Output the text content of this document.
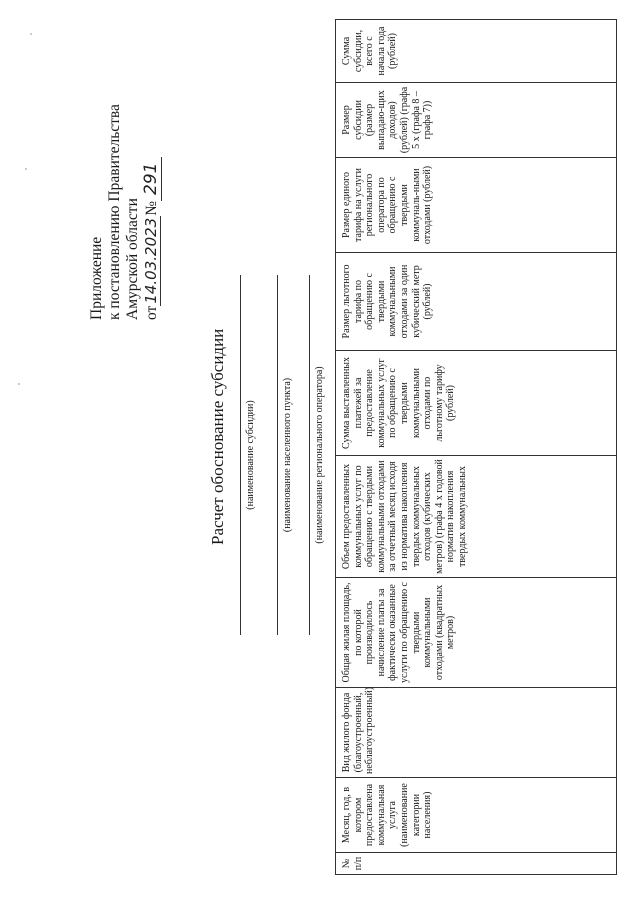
Приложение к постановлению Правительства Амурской области от14.03.2023№291
Расчет обоснование субсидии (наименование субсидии)	(наименование населенного пункта) (наименование регионального оператора)
№ п/п	Месяц, год, в котором предоставлена коммунальная услуга (наименование категории населения)	Вид жилого фонда (благоустроенный, неблагоустроенный)	Общая жилая площадь, по которой производилось начисление платы за фактически оказанные услуги по обращению с твердыми коммунальными отходами (квадратных метров)	Объем предоставленных коммунальных услуг по обращению с твердыми коммунальными отходами за отчетный месяц исходя из норматива накопления твердых коммунальных отходов (кубических метров) (графа 4 x годовой норматив накопления твердых коммунальных	Сумма выставленных платежей за предоставление коммунальных услуг по обращению с твердыми коммунальными отходами по льготному тарифу (рублей)	Размер льготного тарифа по обращению с твердыми коммунальными отходами за один кубический метр (рублей)	Размер единого тарифа на услуги регионального оператора по обращению с твердыми коммуналь-ными отходами (рублей)	Размер субсидии (размер выпадаю-щих доходов) (рублей) (графа 5 x (графа 8 – графа 7))	Сумма субсидии, всего с начала года (рублей)
